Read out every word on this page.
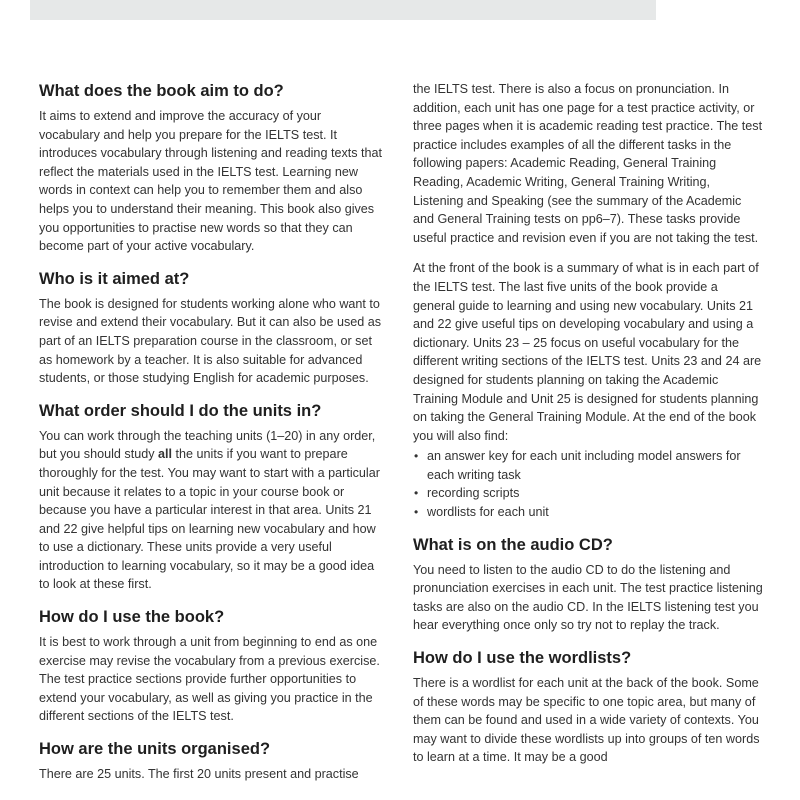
What does the book aim to do?

It aims to extend and improve the accuracy of your vocabulary and help you prepare for the IELTS test. It introduces vocabulary through listening and reading texts that reflect the materials used in the IELTS test. Learning new words in context can help you to remember them and also helps you to understand their meaning. This book also gives you opportunities to practise new words so that they can become part of your active vocabulary.

Who is it aimed at?

The book is designed for students working alone who want to revise and extend their vocabulary. But it can also be used as part of an IELTS preparation course in the classroom, or set as homework by a teacher. It is also suitable for advanced students, or those studying English for academic purposes.

What order should I do the units in?

You can work through the teaching units (1–20) in any order, but you should study all the units if you want to prepare thoroughly for the test. You may want to start with a particular unit because it relates to a topic in your course book or because you have a particular interest in that area. Units 21 and 22 give helpful tips on learning new vocabulary and how to use a dictionary. These units provide a very useful introduction to learning vocabulary, so it may be a good idea to look at these first.

How do I use the book?

It is best to work through a unit from beginning to end as one exercise may revise the vocabulary from a previous exercise. The test practice sections provide further opportunities to extend your vocabulary, as well as giving you practice in the different sections of the IELTS test.

How are the units organised?

There are 25 units. The first 20 units present and practise

the IELTS test. There is also a focus on pronunciation. In addition, each unit has one page for a test practice activity, or three pages when it is academic reading test practice. The test practice includes examples of all the different tasks in the following papers: Academic Reading, General Training Reading, Academic Writing, General Training Writing, Listening and Speaking (see the summary of the Academic and General Training tests on pp6–7). These tasks provide useful practice and revision even if you are not taking the test.

At the front of the book is a summary of what is in each part of the IELTS test. The last five units of the book provide a general guide to learning and using new vocabulary. Units 21 and 22 give useful tips on developing vocabulary and using a dictionary. Units 23 – 25 focus on useful vocabulary for the different writing sections of the IELTS test. Units 23 and 24 are designed for students planning on taking the Academic Training Module and Unit 25 is designed for students planning on taking the General Training Module. At the end of the book you will also find:

• an answer key for each unit including model answers for each writing task
• recording scripts
• wordlists for each unit
What is on the audio CD?

You need to listen to the audio CD to do the listening and pronunciation exercises in each unit. The test practice listening tasks are also on the audio CD. In the IELTS listening test you hear everything once only so try not to replay the track.

How do I use the wordlists?

There is a wordlist for each unit at the back of the book. Some of these words may be specific to one topic area, but many of them can be found and used in a wide variety of contexts. You may want to divide these wordlists up into groups of ten words to learn at a time. It may be a good
